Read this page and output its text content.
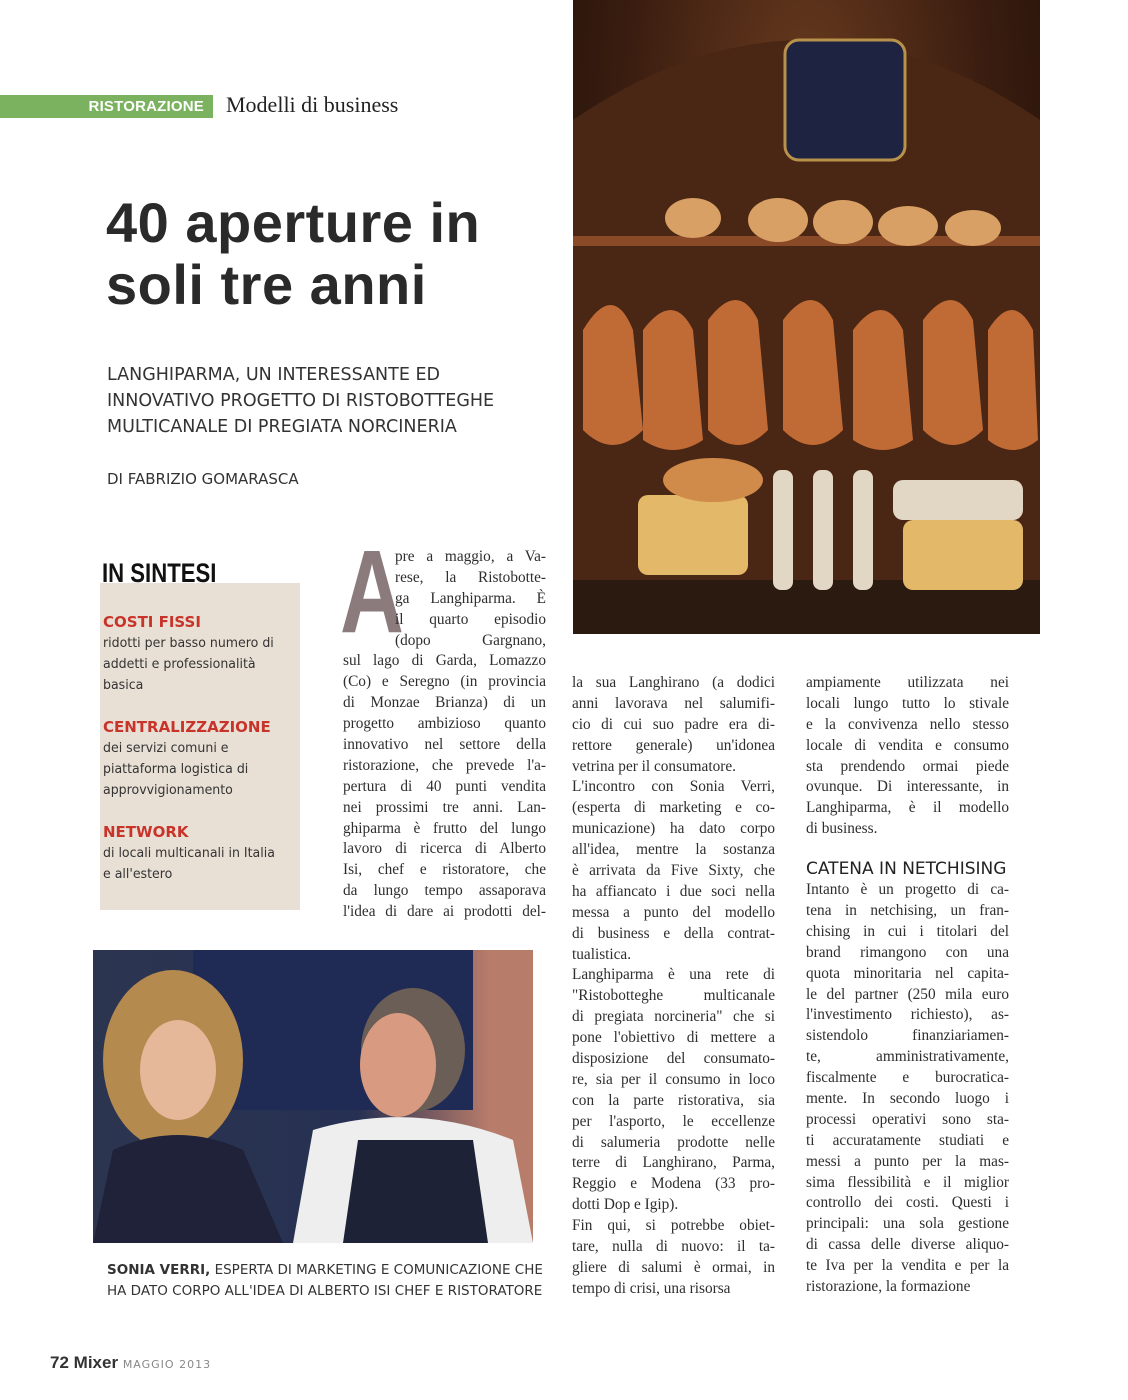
RISTORAZIONE	Modelli di business
40 aperture in
soli tre anni
LANGHIPARMA, UN INTERESSANTE ED
INNOVATIVO PROGETTO DI RISTOBOTTEGHE
MULTICANALE DI PREGIATA NORCINERIA
DI FABRIZIO GOMARASCA
IN SINTESI
COSTI FISSI
ridotti per basso numero di addetti e professionalità basica
CENTRALIZZAZIONE
dei servizi comuni e piattaforma logistica di approvvigionamento
NETWORK
di locali multicanali in Italia e all'estero
A
pre a maggio, a Va-
rese, la Ristobotte-
ga Langhiparma. È
il quarto episodio
(dopo Gargnano,
sul lago di Garda, Lomazzo
(Co) e Seregno (in provincia
di Monzae Brianza) di un
progetto ambizioso quanto
innovativo nel settore della
ristorazione, che prevede l'a-
pertura di 40 punti vendita
nei prossimi tre anni. Lan-
ghiparma è frutto del lungo
lavoro di ricerca di Alberto
Isi, chef e ristoratore, che
da lungo tempo assaporava
l'idea di dare ai prodotti del-
la sua Langhirano (a dodici
anni lavorava nel salumifi-
cio di cui suo padre era di-
rettore generale) un'idonea
vetrina per il consumatore.
L'incontro con Sonia Verri,
(esperta di marketing e co-
municazione) ha dato corpo
all'idea, mentre la sostanza
è arrivata da Five Sixty, che
ha affiancato i due soci nella
messa a punto del modello
di business e della contrat-
tualistica.
Langhiparma è una rete di
"Ristobotteghe multicanale
di pregiata norcineria" che si
pone l'obiettivo di mettere a
disposizione del consumato-
re, sia per il consumo in loco
con la parte ristorativa, sia
per l'asporto, le eccellenze
di salumeria prodotte nelle
terre di Langhirano, Parma,
Reggio e Modena (33 pro-
dotti Dop e Igip).
Fin qui, si potrebbe obiet-
tare, nulla di nuovo: il ta-
gliere di salumi è ormai, in
tempo di crisi, una risorsa
ampiamente utilizzata nei
locali lungo tutto lo stivale
e la convivenza nello stesso
locale di vendita e consumo
sta prendendo ormai piede
ovunque. Di interessante, in
Langhiparma, è il modello
di business.
CATENA IN NETCHISING
Intanto è un progetto di ca-
tena in netchising, un fran-
chising in cui i titolari del
brand rimangono con una
quota minoritaria nel capita-
le del partner (250 mila euro
l'investimento richiesto), as-
sistendolo finanziariamen-
te, amministrativamente,
fiscalmente e burocratica-
mente. In secondo luogo i
processi operativi sono sta-
ti accuratamente studiati e
messi a punto per la mas-
sima flessibilità e il miglior
controllo dei costi. Questi i
principali: una sola gestione
di cassa delle diverse aliquo-
te Iva per la vendita e per la
ristorazione, la formazione
SONIA VERRI, ESPERTA DI MARKETING E COMUNICAZIONE CHE HA DATO CORPO ALL'IDEA DI ALBERTO ISI CHEF E RISTORATORE
72 Mixer MAGGIO 2013
